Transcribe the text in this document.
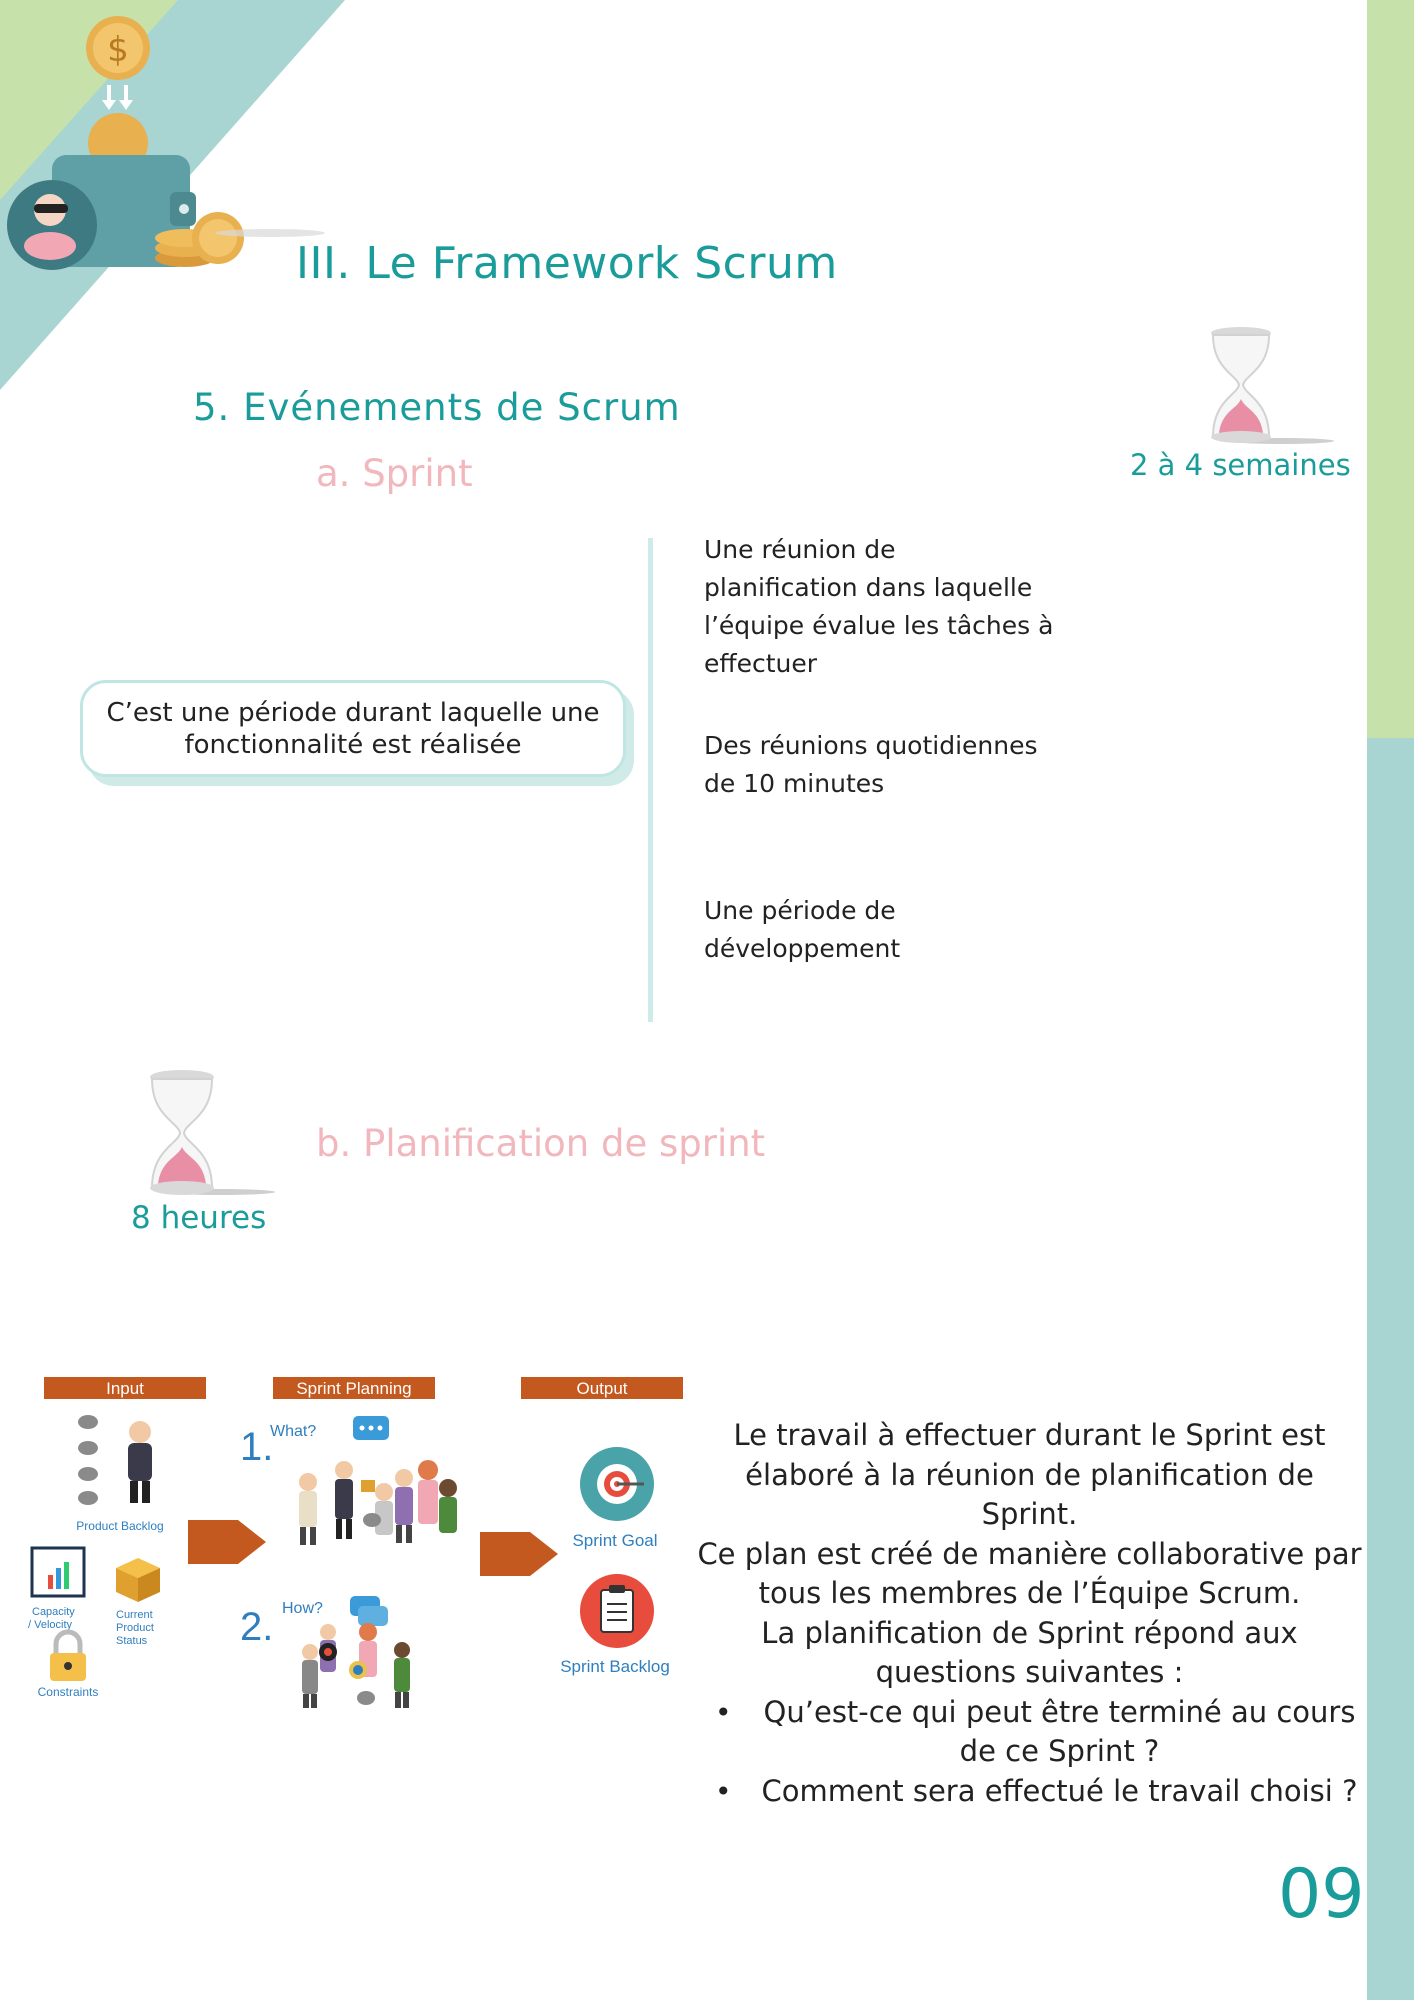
$
III. Le Framework Scrum
5. Evénements de Scrum
a. Sprint	2 à 4 semaines
C’est une période durant laquelle une fonctionnalité est réalisée
Une réunion de
planification dans laquelle
l’équipe évalue les tâches à
effectuer
Des réunions quotidiennes
de 10 minutes
Une période de
développement
8 heures
b. Planification de sprint
Input	Sprint Planning	Output
Product Backlog
Capacity
/ Velocity
Current
Product
Status
Constraints
1.
What?
2. How?
Sprint Goal
Sprint Backlog

Le travail à effectuer durant le Sprint est élaboré à la réunion de planification de Sprint.

Ce plan est créé de manière collaborative par tous les membres de l’Équipe Scrum.

La planification de Sprint répond aux questions suivantes :

• Qu’est-ce qui peut être terminé au cours de ce Sprint ?
• Comment sera effectué le travail choisi ?
09
